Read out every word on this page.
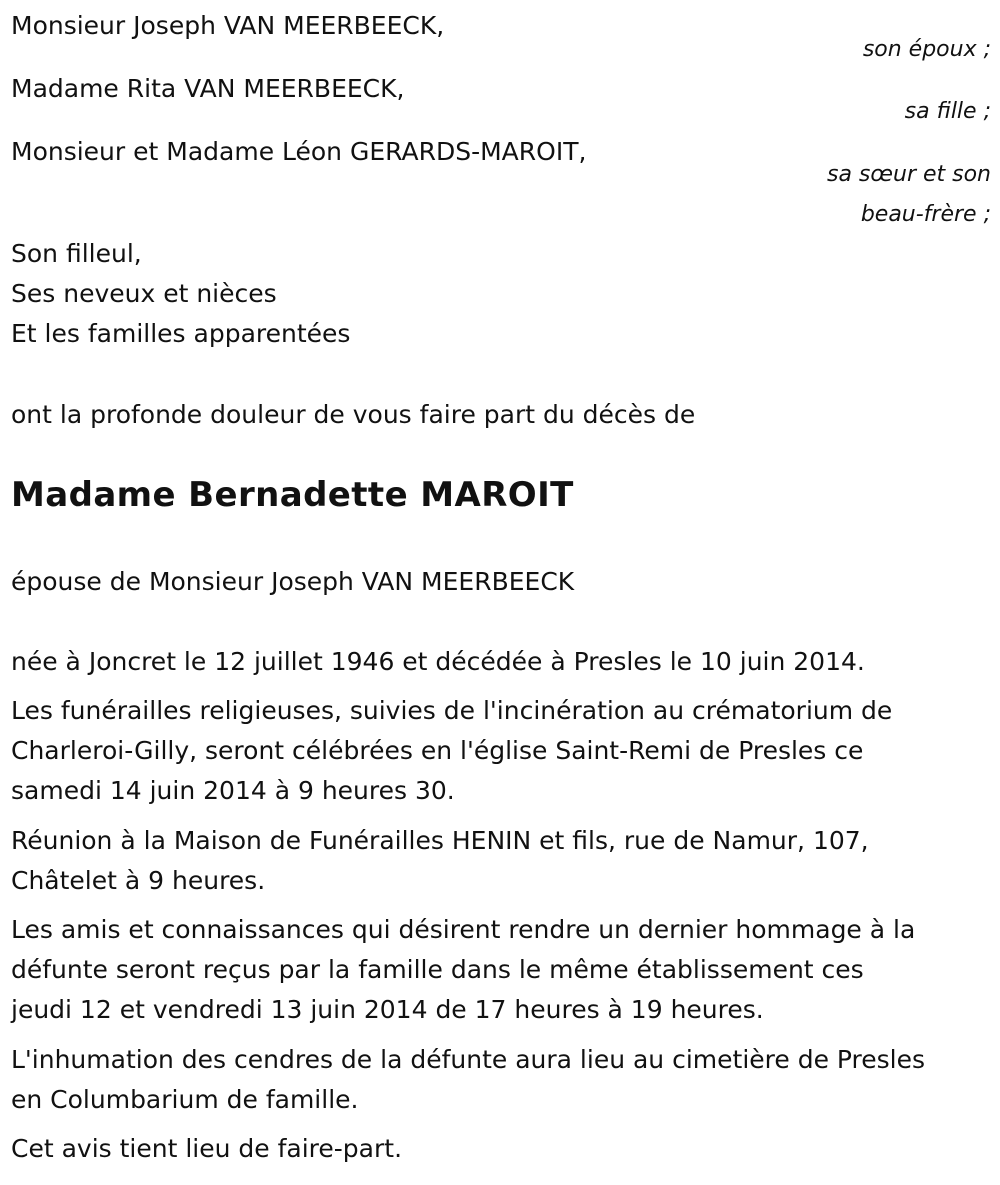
Monsieur Joseph VAN MEERBEECK,
son époux ;
Madame Rita VAN MEERBEECK,
sa fille ;
Monsieur et Madame Léon GERARDS-MAROIT,
sa sœur et son
beau-frère ;
Son filleul,
Ses neveux et nièces
Et les familles apparentées
ont la profonde douleur de vous faire part du décès de
Madame Bernadette MAROIT
épouse de Monsieur Joseph VAN MEERBEECK
née à Joncret le 12 juillet 1946 et décédée à Presles le 10 juin 2014.

Les funérailles religieuses, suivies de l'incinération au crématorium de
Charleroi-Gilly, seront célébrées en l'église Saint-Remi de Presles ce
samedi 14 juin 2014 à 9 heures 30.

Réunion à la Maison de Funérailles HENIN et fils, rue de Namur, 107,
Châtelet à 9 heures.

Les amis et connaissances qui désirent rendre un dernier hommage à la
défunte seront reçus par la famille dans le même établissement ces
jeudi 12 et vendredi 13 juin 2014 de 17 heures à 19 heures.

L'inhumation des cendres de la défunte aura lieu au cimetière de Presles
en Columbarium de famille.

Cet avis tient lieu de faire-part.
